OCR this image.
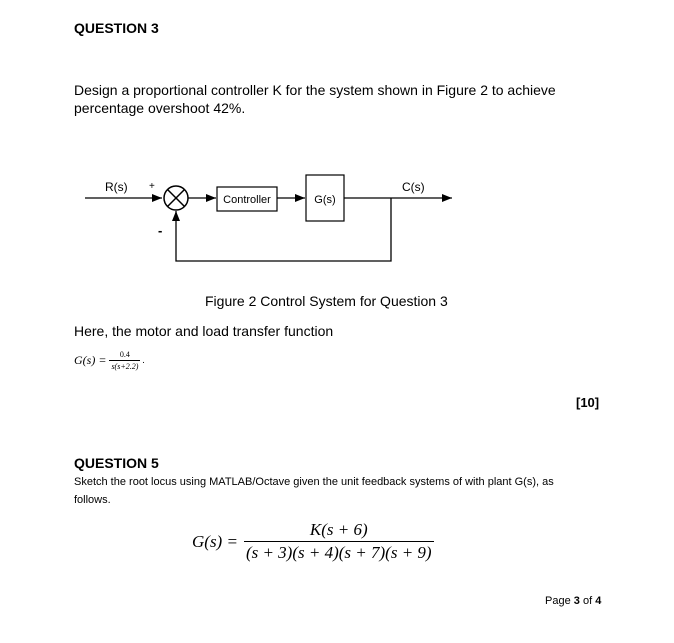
QUESTION 3
Design a proportional controller K for the system shown in Figure 2 to achieve
percentage overshoot 42%.
R(s) +
Controller	G(s)
C(s)
-
Figure 2 Control System for Question 3
Here, the motor and load transfer function
$G(s) = \frac{0.4}{s(s+2.2)}$ .
[10]
QUESTION 5
Sketch the root locus using MATLAB/Octave given the unit feedback systems of with plant G(s), as
follows.
$G(s) = \frac{K(s + 6)}{(s + 3)(s + 4)(s + 7)(s + 9)}$
Page 3 of 4
